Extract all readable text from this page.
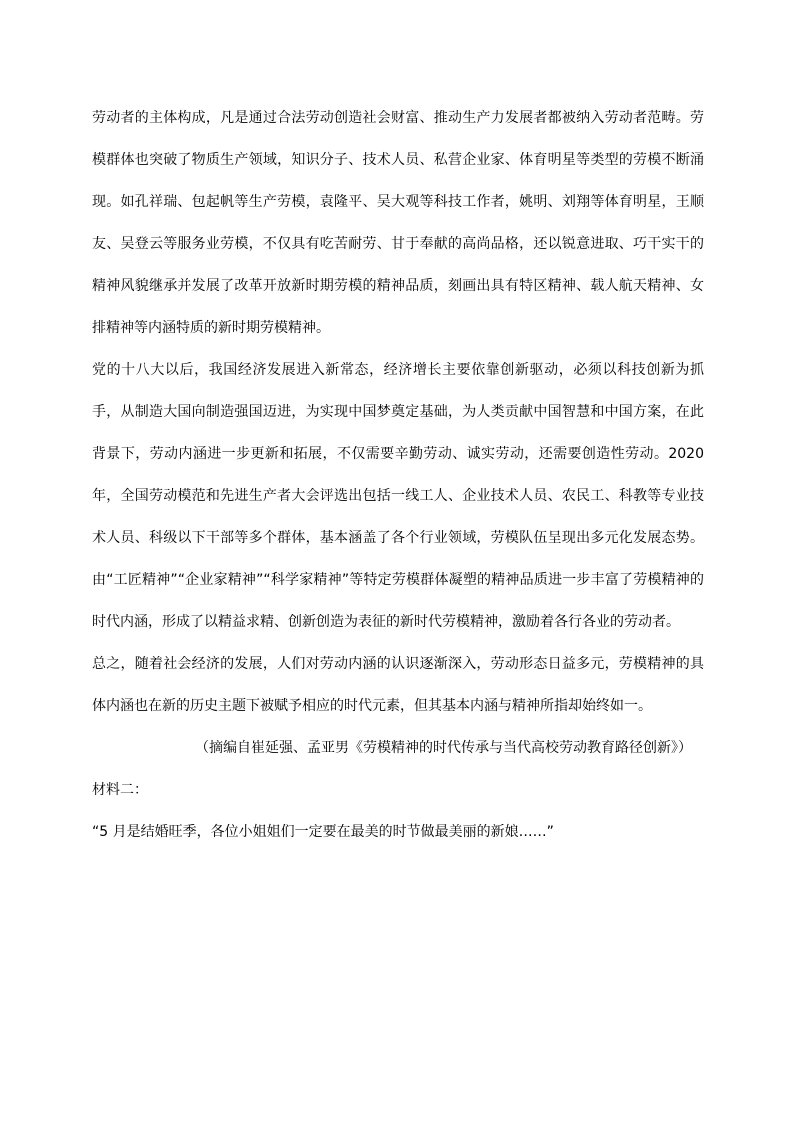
劳动者的主体构成，凡是通过合法劳动创造社会财富、推动生产力发展者都被纳入劳动者范畴。劳
模群体也突破了物质生产领域，知识分子、技术人员、私营企业家、体育明星等类型的劳模不断涌
现。如孔祥瑞、包起帆等生产劳模，袁隆平、吴大观等科技工作者，姚明、刘翔等体育明星，王顺
友、吴登云等服务业劳模，不仅具有吃苦耐劳、甘于奉献的高尚品格，还以锐意进取、巧干实干的
精神风貌继承并发展了改革开放新时期劳模的精神品质，刻画出具有特区精神、载人航天精神、女
排精神等内涵特质的新时期劳模精神。
党的十八大以后，我国经济发展进入新常态，经济增长主要依靠创新驱动，必须以科技创新为抓
手，从制造大国向制造强国迈进，为实现中国梦奠定基础，为人类贡献中国智慧和中国方案，在此
背景下，劳动内涵进一步更新和拓展，不仅需要辛勤劳动、诚实劳动，还需要创造性劳动。2020
年，全国劳动模范和先进生产者大会评选出包括一线工人、企业技术人员、农民工、科教等专业技
术人员、科级以下干部等多个群体，基本涵盖了各个行业领域，劳模队伍呈现出多元化发展态势。
由“工匠精神”“企业家精神”“科学家精神”等特定劳模群体凝塑的精神品质进一步丰富了劳模精神的
时代内涵，形成了以精益求精、创新创造为表征的新时代劳模精神，激励着各行各业的劳动者。
总之，随着社会经济的发展，人们对劳动内涵的认识逐渐深入，劳动形态日益多元，劳模精神的具
体内涵也在新的历史主题下被赋予相应的时代元素，但其基本内涵与精神所指却始终如一。
（摘编自崔延强、孟亚男《劳模精神的时代传承与当代高校劳动教育路径创新》）
材料二：
“5 月是结婚旺季，各位小姐姐们一定要在最美的时节做最美丽的新娘……”
